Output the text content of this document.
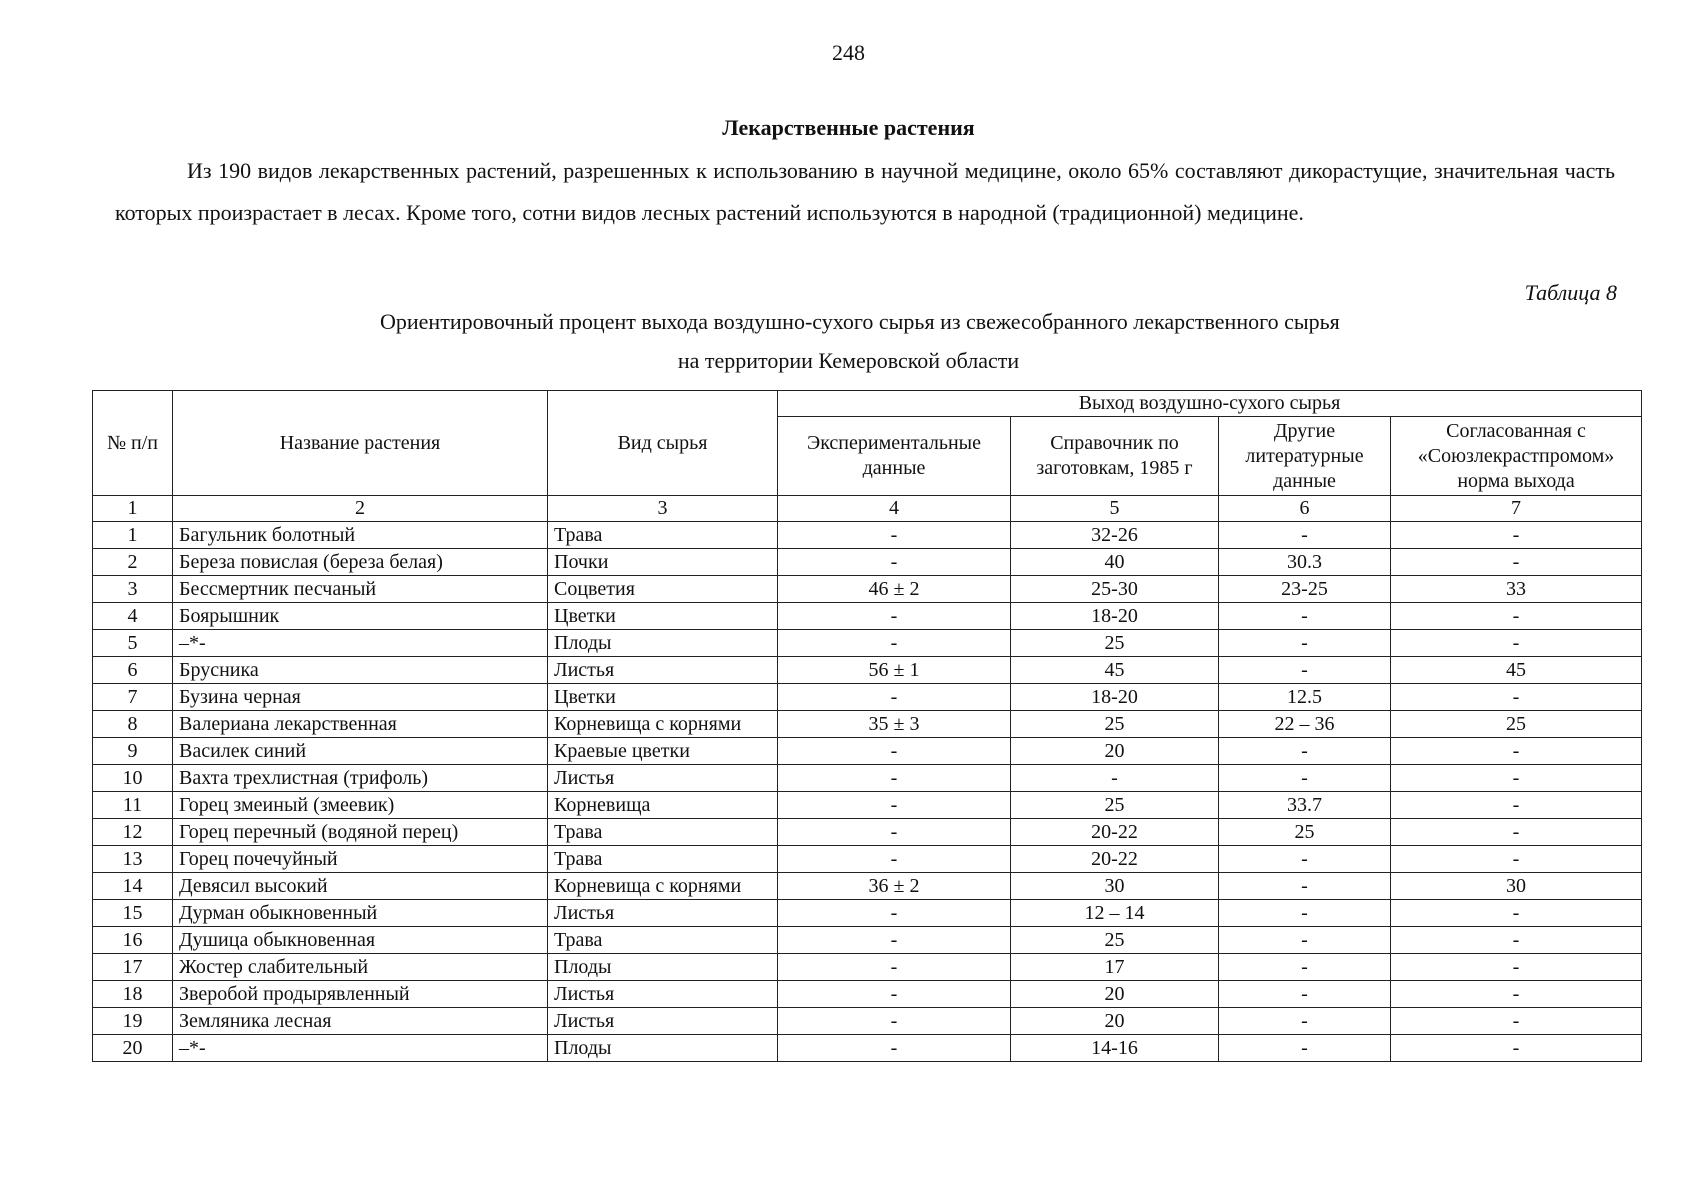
248
Лекарственные растения

Из 190 видов лекарственных растений, разрешенных к использованию в научной медицине, около 65% составляют дикорастущие, значительная часть которых произрастает в лесах. Кроме того, сотни видов лесных растений используются в народной (традиционной) медицине.

Таблица 8
Ориентировочный процент выхода воздушно-сухого сырья из свежесобранного лекарственного сырья
на территории Кемеровской области
№ п/п	Название растения	Вид сырья	Выход воздушно-сухого сырья			
			Экспериментальные данные	Справочник по заготовкам, 1985 г	Другие литературные данные	Согласованная с «Союзлекрастпромом» норма выхода
1	2	3	4	5	6	7
1	Багульник болотный	Трава	-	32-26	-	-
2	Береза повислая (береза белая)	Почки	-	40	30.3	-
3	Бессмертник песчаный	Соцветия	46 ± 2	25-30	23-25	33
4	Боярышник	Цветки	-	18-20	-	-
5	–*-	Плоды	-	25	-	-
6	Брусника	Листья	56 ± 1	45	-	45
7	Бузина черная	Цветки	-	18-20	12.5	-
8	Валериана лекарственная	Корневища с корнями	35 ± 3	25	22 – 36	25
9	Василек синий	Краевые цветки	-	20	-	-
10	Вахта трехлистная (трифоль)	Листья	-	-	-	-
11	Горец змеиный (змеевик)	Корневища	-	25	33.7	-
12	Горец перечный (водяной перец)	Трава	-	20-22	25	-
13	Горец почечуйный	Трава	-	20-22	-	-
14	Девясил высокий	Корневища с корнями	36 ± 2	30	-	30
15	Дурман обыкновенный	Листья	-	12 – 14	-	-
16	Душица обыкновенная	Трава	-	25	-	-
17	Жостер слабительный	Плоды	-	17	-	-
18	Зверобой продырявленный	Листья	-	20	-	-
19	Земляника лесная	Листья	-	20	-	-
20	–*-	Плоды	-	14-16	-	-
